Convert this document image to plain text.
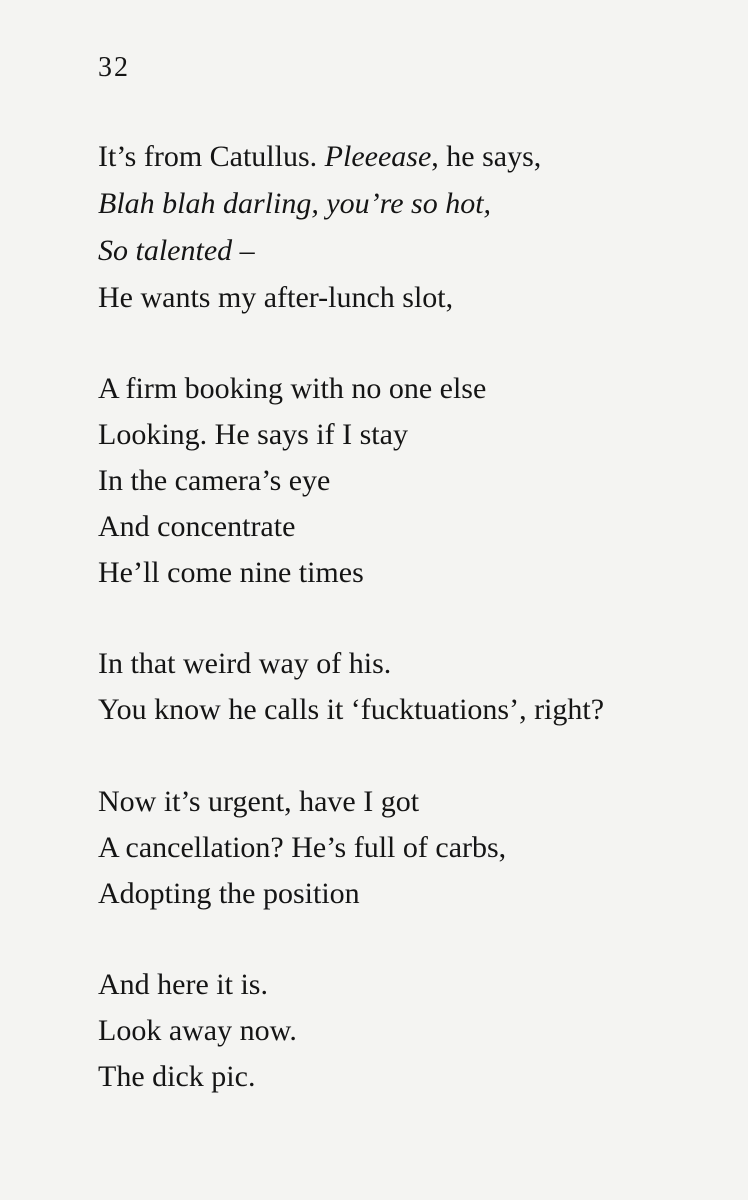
32
It’s from Catullus. Pleeease, he says,
Blah blah darling, you’re so hot,
So talented –
He wants my after-lunch slot,
A firm booking with no one else
Looking. He says if I stay
In the camera’s eye
And concentrate
He’ll come nine times
In that weird way of his.
You know he calls it ‘fucktuations’, right?
Now it’s urgent, have I got
A cancellation? He’s full of carbs,
Adopting the position
And here it is.
Look away now.
The dick pic.
